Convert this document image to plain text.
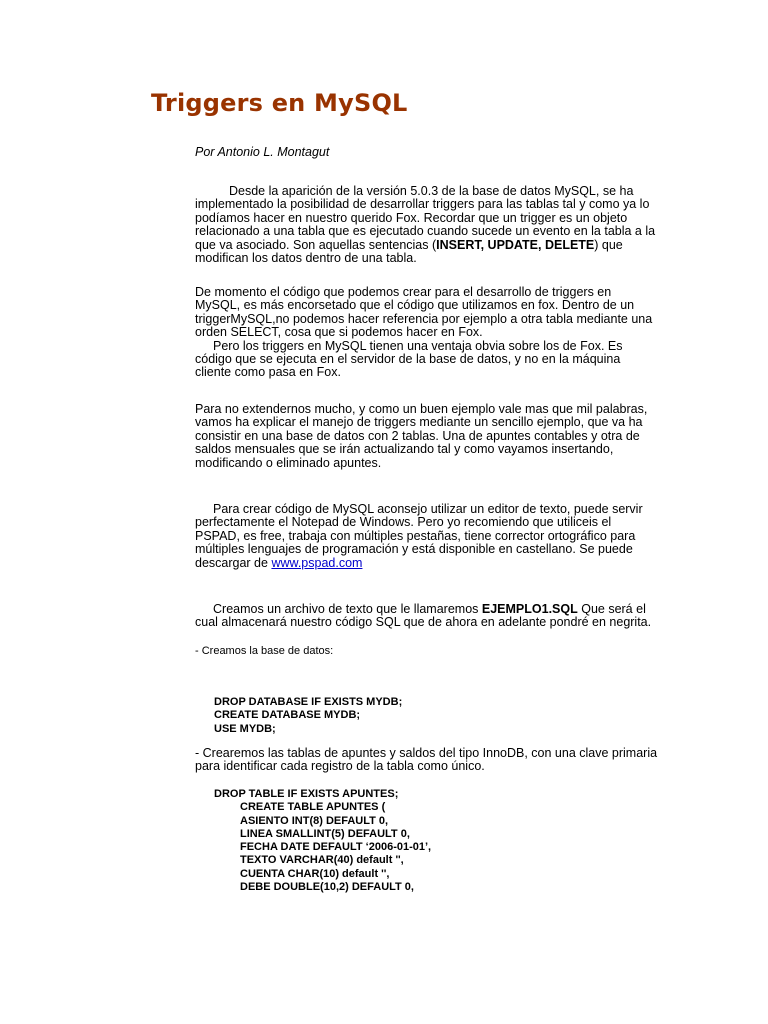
Triggers en MySQL
Por Antonio L. Montagut
Desde la aparición de la versión 5.0.3 de la base de datos MySQL, se ha
implementado la posibilidad de desarrollar triggers para las tablas tal y como ya lo
podíamos hacer en nuestro querido Fox. Recordar que un trigger es un objeto
relacionado a una tabla que es ejecutado cuando sucede un evento en la tabla a la
que va asociado. Son aquellas sentencias (INSERT, UPDATE, DELETE) que
modifican los datos dentro de una tabla.
De momento el código que podemos crear para el desarrollo de triggers en
MySQL, es más encorsetado que el código que utilizamos en fox. Dentro de un
triggerMySQL,no podemos hacer referencia por ejemplo a otra tabla mediante una
orden SELECT, cosa que si podemos hacer en Fox.
Pero los triggers en MySQL tienen una ventaja obvia sobre los de Fox. Es
código que se ejecuta en el servidor de la base de datos, y no en la máquina
cliente como pasa en Fox.
Para no extendernos mucho, y como un buen ejemplo vale mas que mil palabras,
vamos ha explicar el manejo de triggers mediante un sencillo ejemplo, que va ha
consistir en una base de datos con 2 tablas. Una de apuntes contables y otra de
saldos mensuales que se irán actualizando tal y como vayamos insertando,
modificando o eliminado apuntes.
Para crear código de MySQL aconsejo utilizar un editor de texto, puede servir
perfectamente el Notepad de Windows. Pero yo recomiendo que utiliceis el
PSPAD, es free, trabaja con múltiples pestañas, tiene corrector ortográfico para
múltiples lenguajes de programación y está disponible en castellano. Se puede
descargar de www.pspad.com
Creamos un archivo de texto que le llamaremos EJEMPLO1.SQL Que será el
cual almacenará nuestro código SQL que de ahora en adelante pondré en negrita.
- Creamos la base de datos:
DROP DATABASE IF EXISTS MYDB;
CREATE DATABASE MYDB;
USE MYDB;
- Crearemos las tablas de apuntes y saldos del tipo InnoDB, con una clave primaria
para identificar cada registro de la tabla como único.
DROP TABLE IF EXISTS APUNTES;
CREATE TABLE APUNTES (
ASIENTO INT(8) DEFAULT 0,
LINEA SMALLINT(5) DEFAULT 0,
FECHA DATE DEFAULT ‘2006-01-01’,
TEXTO VARCHAR(40) default '',
CUENTA CHAR(10) default '',
DEBE DOUBLE(10,2) DEFAULT 0,
